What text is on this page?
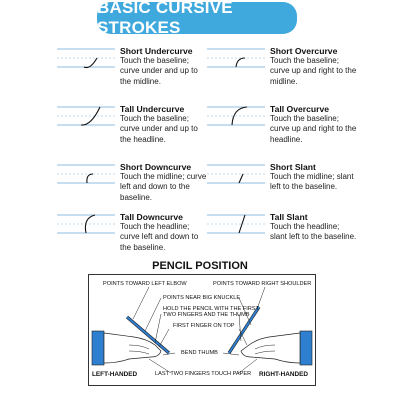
BASIC CURSIVE STROKES
Short Undercurve
Touch the baseline; curve under and up to the midline.
Short Overcurve
Touch the baseline; curve up and right to the midline.
Tall Undercurve
Touch the baseline; curve under and up to the headline.
Tall Overcurve
Touch the baseline; curve up and right to the headline.
Short Downcurve
Touch the midline; curve left and down to the baseline.
Short Slant
Touch the midline; slant left to the baseline.
Tall Downcurve
Touch the headline; curve left and down to the baseline.
Tall Slant
Touch the headline; slant left to the baseline.
PENCIL POSITION
POINTS TOWARD LEFT ELBOW	POINTS TOWARD RIGHT SHOULDER
POINTS NEAR BIG KNUCKLE
HOLD THE PENCIL WITH THE FIRST
TWO FINGERS AND THE THUMB
FIRST FINGER ON TOP
BEND THUMB
LAST TWO FINGERS TOUCH PAPER
LEFT-HANDED	RIGHT-HANDED
